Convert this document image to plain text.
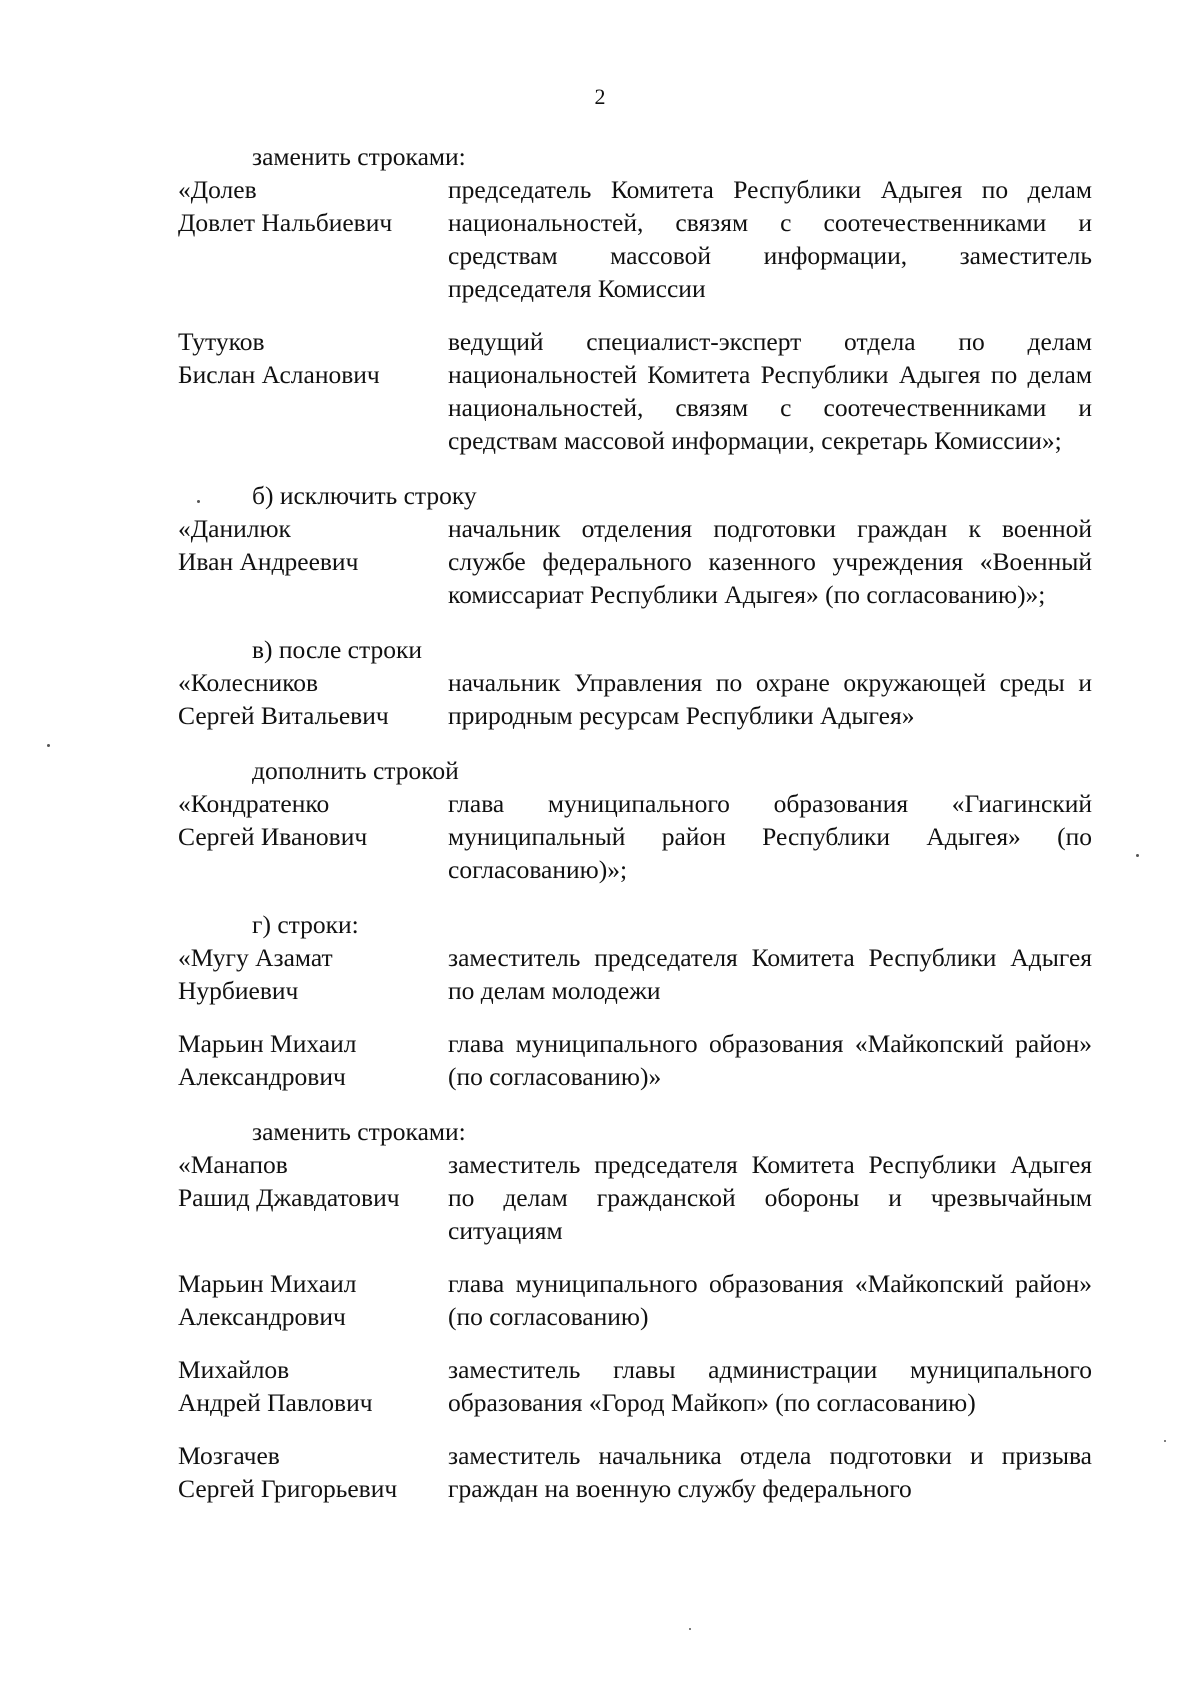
2
заменить строками:
«Долев
Довлет Нальбиевич
председатель Комитета Республики Адыгея по делам национальностей, связям с соотечественниками и средствам массовой информации, заместитель председателя Комиссии
Тутуков
Бислан Асланович
ведущий специалист-эксперт отдела по делам национальностей Комитета Республики Адыгея по делам национальностей, связям с соотечественниками и средствам массовой информации, секретарь Комиссии»;
б) исключить строку
«Данилюк
Иван Андреевич
начальник отделения подготовки граждан к военной службе федерального казенного учреждения «Военный комиссариат Республики Адыгея» (по согласованию)»;
в) после строки
«Колесников
Сергей Витальевич
начальник Управления по охране окружающей среды и природным ресурсам Республики Адыгея»
дополнить строкой
«Кондратенко
Сергей Иванович
глава муниципального образования «Гиагинский муниципальный район Республики Адыгея» (по согласованию)»;
г) строки:
«Мугу Азамат
Нурбиевич
заместитель председателя Комитета Республики Адыгея по делам молодежи
Марьин Михаил
Александрович
глава муниципального образования «Майкопский район» (по согласованию)»
заменить строками:
«Манапов
Рашид Джавдатович
заместитель председателя Комитета Республики Адыгея по делам гражданской обороны и чрезвычайным ситуациям
Марьин Михаил
Александрович
глава муниципального образования «Майкопский район» (по согласованию)
Михайлов
Андрей Павлович
заместитель главы администрации муниципального образования «Город Майкоп» (по согласованию)
Мозгачев
Сергей Григорьевич
заместитель начальника отдела подготовки и призыва граждан на военную службу федерального
